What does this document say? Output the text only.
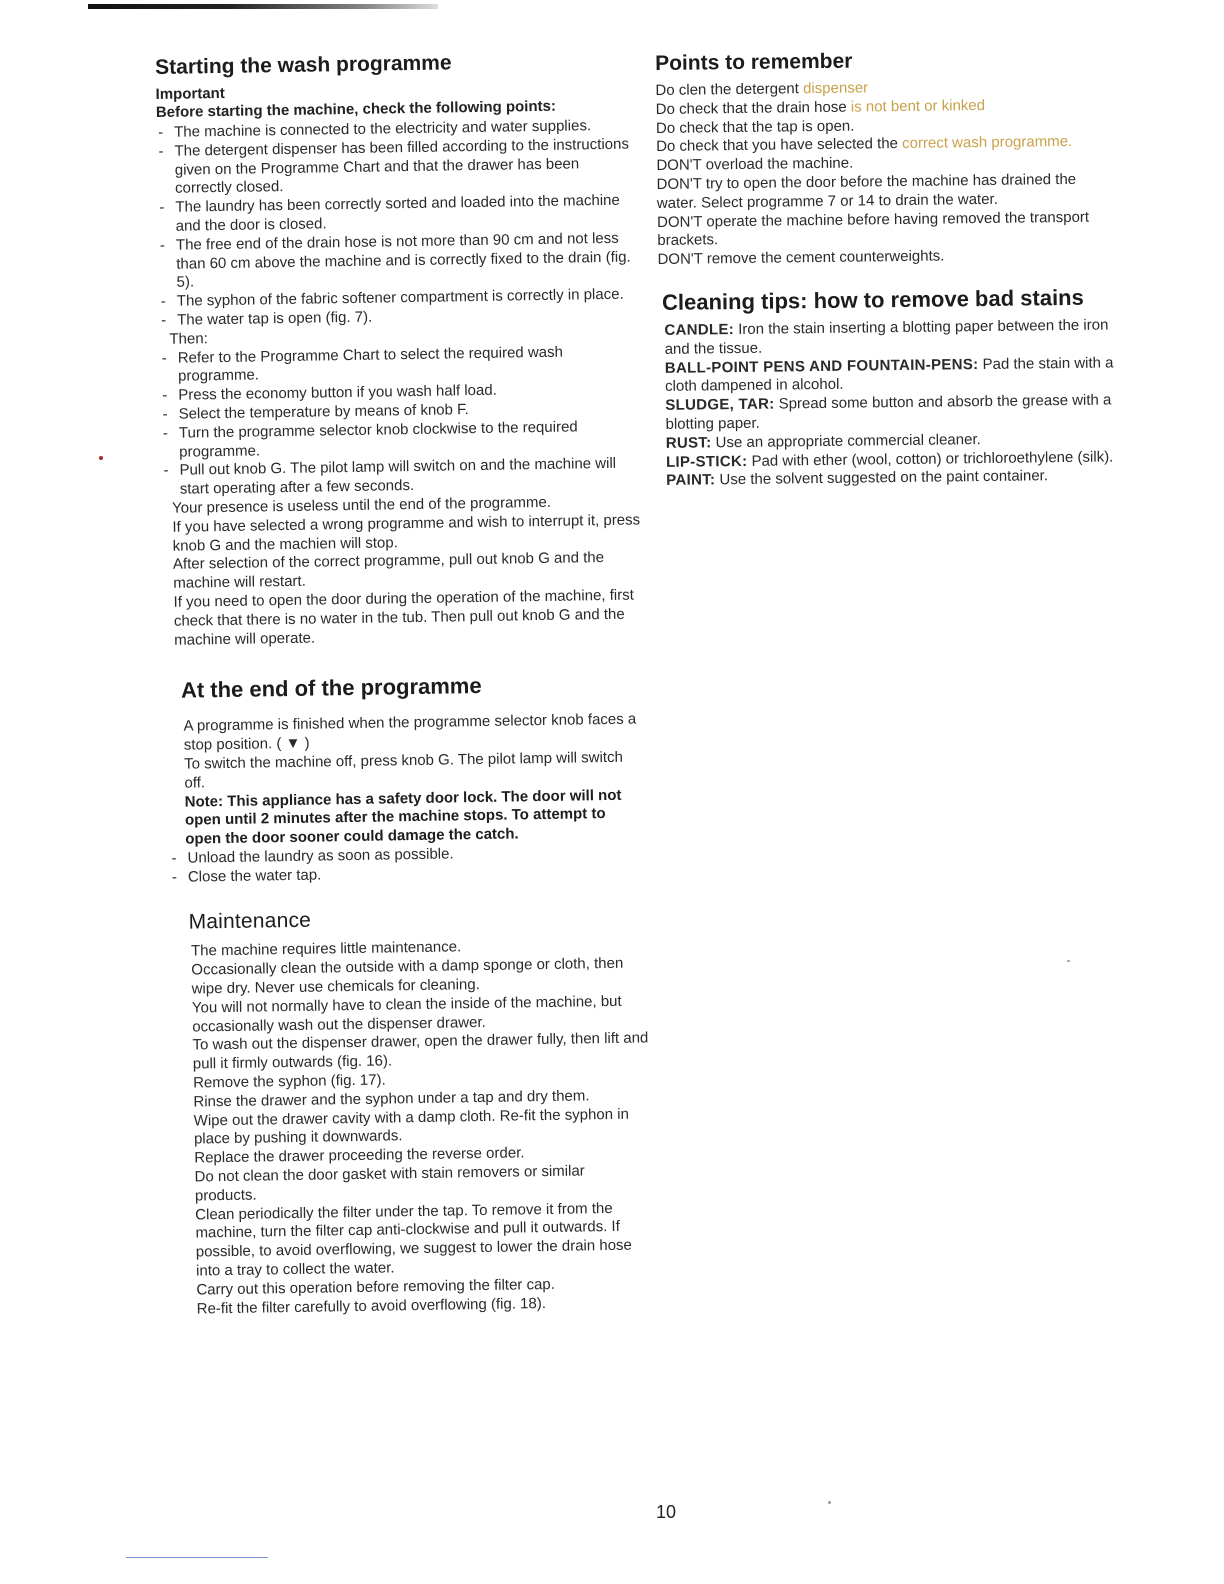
Starting the wash programme
Important
Before starting the machine, check the following points:
- The machine is connected to the electricity and water supplies.
- The detergent dispenser has been filled according to the instructions given on the Programme Chart and that the drawer has been correctly closed.
- The laundry has been correctly sorted and loaded into the machine and the door is closed.
- The free end of the drain hose is not more than 90 cm and not less than 60 cm above the machine and is correctly fixed to the drain (fig. 5).
- The syphon of the fabric softener compartment is correctly in place.
- The water tap is open (fig. 7).

Then:

- Refer to the Programme Chart to select the required wash programme.
- Press the economy button if you wash half load.
- Select the temperature by means of knob F.
- Turn the programme selector knob clockwise to the required programme.
- Pull out knob G. The pilot lamp will switch on and the machine will start operating after a few seconds.

Your presence is useless until the end of the programme.

If you have selected a wrong programme and wish to interrupt it, press knob G and the machien will stop.

After selection of the correct programme, pull out knob G and the machine will restart.

If you need to open the door during the operation of the machine, first check that there is no water in the tub. Then pull out knob G and the machine will operate.

At the end of the programme

A programme is finished when the programme selector knob faces a stop position. ( ▼ )

To switch the machine off, press knob G. The pilot lamp will switch off.

Note: This appliance has a safety door lock. The door will not open until 2 minutes after the machine stops. To attempt to open the door sooner could damage the catch.

- Unload the laundry as soon as possible.
- Close the water tap.
Maintenance

The machine requires little maintenance.

Occasionally clean the outside with a damp sponge or cloth, then wipe dry. Never use chemicals for cleaning.

You will not normally have to clean the inside of the machine, but occasionally wash out the dispenser drawer.

To wash out the dispenser drawer, open the drawer fully, then lift and pull it firmly outwards (fig. 16).

Remove the syphon (fig. 17).

Rinse the drawer and the syphon under a tap and dry them.

Wipe out the drawer cavity with a damp cloth. Re-fit the syphon in place by pushing it downwards.

Replace the drawer proceeding the reverse order.

Do not clean the door gasket with stain removers or similar products.

Clean periodically the filter under the tap. To remove it from the machine, turn the filter cap anti-clockwise and pull it outwards. If possible, to avoid overflowing, we suggest to lower the drain hose into a tray to collect the water.

Carry out this operation before removing the filter cap.

Re-fit the filter carefully to avoid overflowing (fig. 18).

Points to remember

Do clen the detergent dispenser

Do check that the drain hose is not bent or kinked

Do check that the tap is open.

Do check that you have selected the correct wash programme.

DON'T overload the machine.

DON'T try to open the door before the machine has drained the water. Select programme 7 or 14 to drain the water.

DON'T operate the machine before having removed the transport brackets.

DON'T remove the cement counterweights.

Cleaning tips: how to remove bad stains

CANDLE: Iron the stain inserting a blotting paper between the iron and the tissue.

BALL-POINT PENS AND FOUNTAIN-PENS: Pad the stain with a cloth dampened in alcohol.

SLUDGE, TAR: Spread some button and absorb the grease with a blotting paper.

RUST: Use an appropriate commercial cleaner.

LIP-STICK: Pad with ether (wool, cotton) or trichloroethylene (silk).

PAINT: Use the solvent suggested on the paint container.

10
